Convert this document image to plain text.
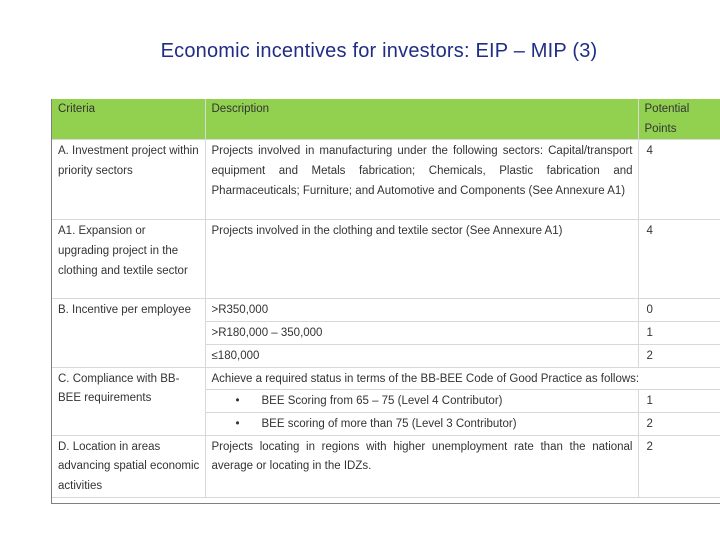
Economic incentives for investors: EIP – MIP (3)
Criteria	Description	Potential Points
A. Investment project within priority sectors	Projects involved in manufacturing under the following sectors: Capital/transport equipment and Metals fabrication; Chemicals, Plastic fabrication and Pharmaceuticals; Furniture; and Automotive and Components (See Annexure A1)	4
A1. Expansion or upgrading project in the clothing and textile sector	Projects involved in the clothing and textile sector (See Annexure A1)	4
B. Incentive per employee	>R350,000	0
	>R180,000 – 350,000	1
	≤180,000	2
C. Compliance with BB-BEE requirements	Achieve a required status in terms of the BB-BEE Code of Good Practice as follows:	
	• BEE Scoring from 65 – 75 (Level 4 Contributor)	1
	• BEE scoring of more than 75 (Level 3 Contributor)	2
D. Location in areas advancing spatial economic activities	Projects locating in regions with higher unemployment rate than the national average or locating in the IDZs.	2
